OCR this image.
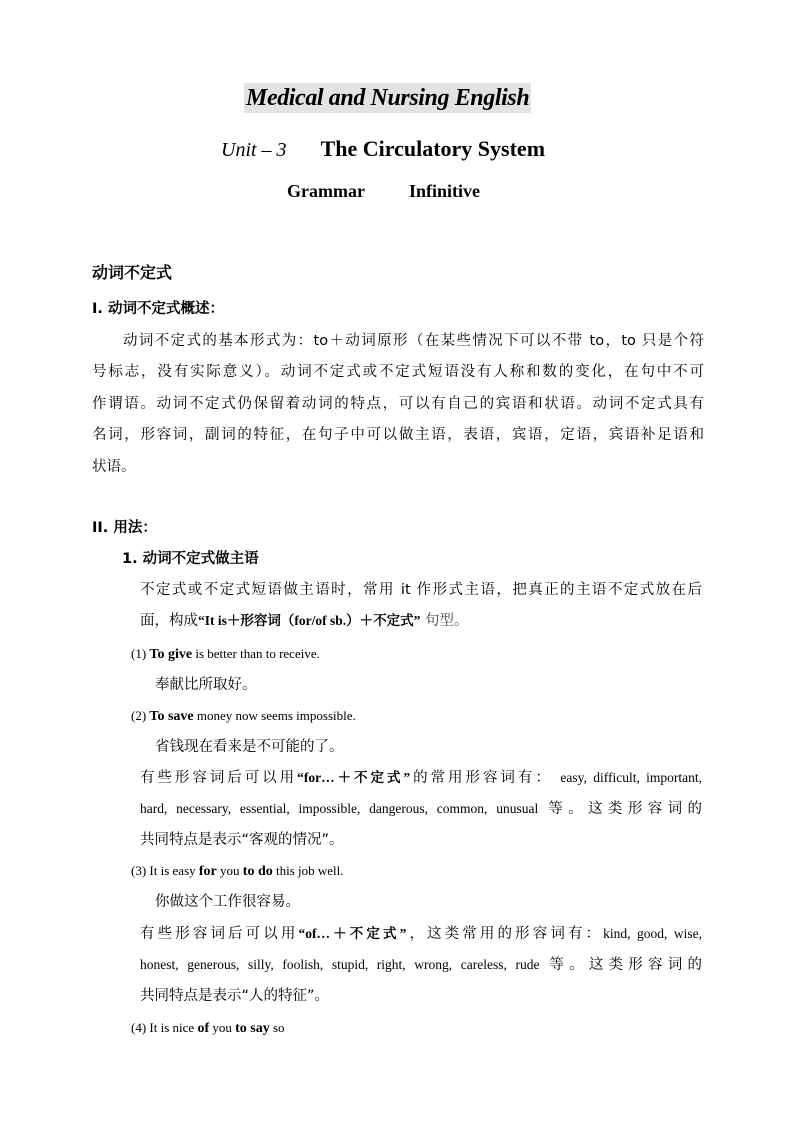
Medical and Nursing English
Unit – 3 The Circulatory System
Grammar Infinitive
动词不定式
I. 动词不定式概述：
动词不定式的基本形式为：to＋动词原形（在某些情况下可以不带 to，to 只是个符
号标志，没有实际意义）。动词不定式或不定式短语没有人称和数的变化，在句中不可
作谓语。动词不定式仍保留着动词的特点，可以有自己的宾语和状语。动词不定式具有
名词，形容词，副词的特征，在句子中可以做主语，表语，宾语，定语，宾语补足语和
状语。
II. 用法：
1. 动词不定式做主语
不定式或不定式短语做主语时，常用 it 作形式主语，把真正的主语不定式放在后
面，构成“It is＋形容词（for/of sb.）＋不定式” 句型。
(1) To give is better than to receive.
奉献比所取好。
(2) To save money now seems impossible.
省钱现在看来是不可能的了。
有些形容词后可以用“for…＋不定式”的常用形容词有： easy, difficult, important,
hard, necessary, essential, impossible, dangerous, common, unusual 等。这类形容词的
共同特点是表示“客观的情况”。
(3) It is easy for you to do this job well.
你做这个工作很容易。
有些形容词后可以用“of…＋不定式”，这类常用的形容词有：kind, good, wise,
honest, generous, silly, foolish, stupid, right, wrong, careless, rude 等。这类形容词的
共同特点是表示“人的特征”。
(4) It is nice of you to say so
